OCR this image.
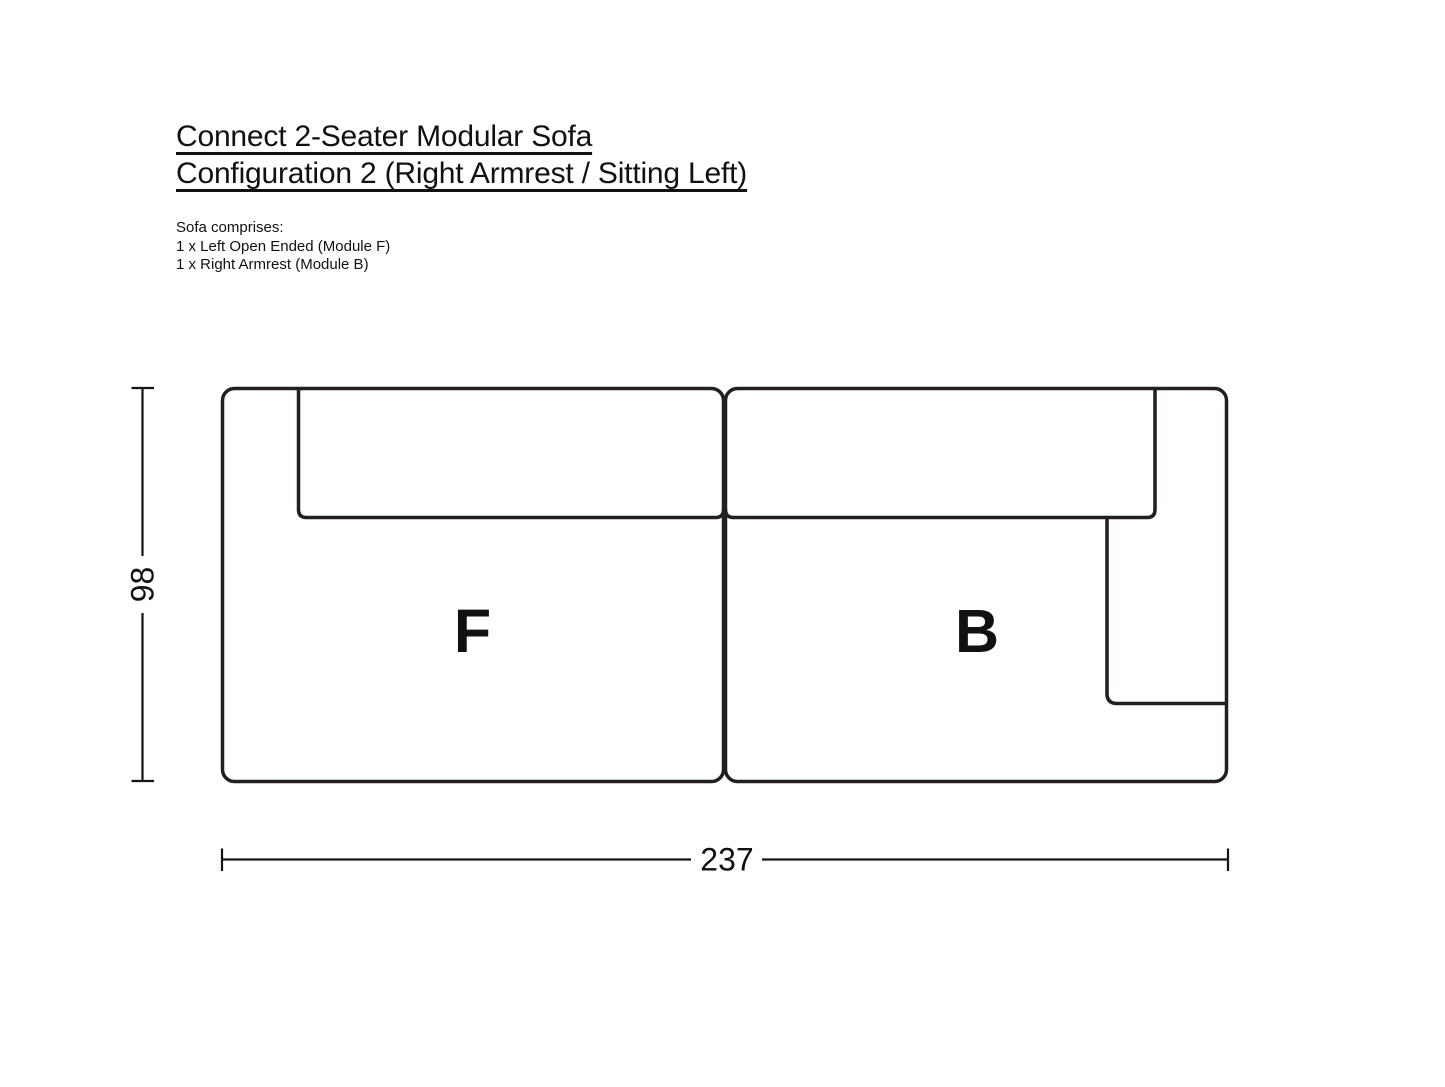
Connect 2-Seater Modular Sofa
Configuration 2 (Right Armrest / Sitting Left)
Sofa comprises:
1 x Left Open Ended (Module F)
1 x Right Armrest (Module B)
F	B
98
237
